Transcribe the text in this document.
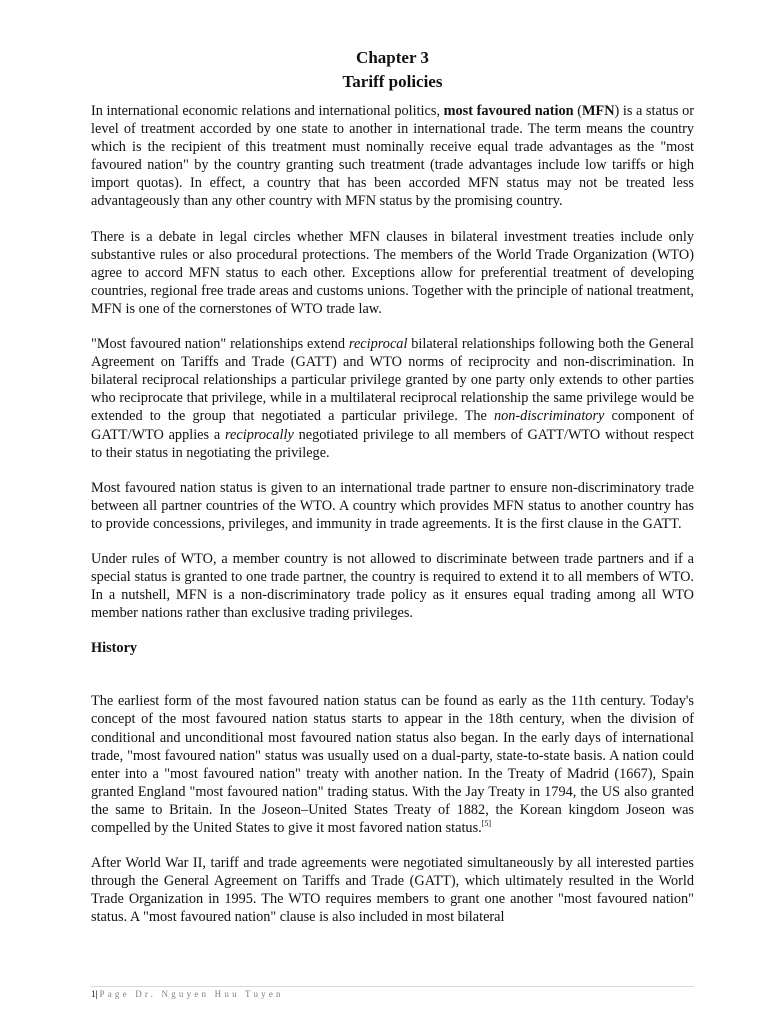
Chapter 3
Tariff policies

In international economic relations and international politics, most favoured nation (MFN) is a status or level of treatment accorded by one state to another in international trade. The term means the country which is the recipient of this treatment must nominally receive equal trade advantages as the "most favoured nation" by the country granting such treatment (trade advantages include low tariffs or high import quotas). In effect, a country that has been accorded MFN status may not be treated less advantageously than any other country with MFN status by the promising country.

There is a debate in legal circles whether MFN clauses in bilateral investment treaties include only substantive rules or also procedural protections. The members of the World Trade Organization (WTO) agree to accord MFN status to each other. Exceptions allow for preferential treatment of developing countries, regional free trade areas and customs unions. Together with the principle of national treatment, MFN is one of the cornerstones of WTO trade law.

"Most favoured nation" relationships extend reciprocal bilateral relationships following both the General Agreement on Tariffs and Trade (GATT) and WTO norms of reciprocity and non-discrimination. In bilateral reciprocal relationships a particular privilege granted by one party only extends to other parties who reciprocate that privilege, while in a multilateral reciprocal relationship the same privilege would be extended to the group that negotiated a particular privilege. The non-discriminatory component of GATT/WTO applies a reciprocally negotiated privilege to all members of GATT/WTO without respect to their status in negotiating the privilege.

Most favoured nation status is given to an international trade partner to ensure non-discriminatory trade between all partner countries of the WTO. A country which provides MFN status to another country has to provide concessions, privileges, and immunity in trade agreements. It is the first clause in the GATT.

Under rules of WTO, a member country is not allowed to discriminate between trade partners and if a special status is granted to one trade partner, the country is required to extend it to all members of WTO. In a nutshell, MFN is a non-discriminatory trade policy as it ensures equal trading among all WTO member nations rather than exclusive trading privileges.

History

The earliest form of the most favoured nation status can be found as early as the 11th century. Today's concept of the most favoured nation status starts to appear in the 18th century, when the division of conditional and unconditional most favoured nation status also began. In the early days of international trade, "most favoured nation" status was usually used on a dual-party, state-to-state basis. A nation could enter into a "most favoured nation" treaty with another nation. In the Treaty of Madrid (1667), Spain granted England "most favoured nation" trading status. With the Jay Treaty in 1794, the US also granted the same to Britain. In the Joseon–United States Treaty of 1882, the Korean kingdom Joseon was compelled by the United States to give it most favored nation status.[5]

After World War II, tariff and trade agreements were negotiated simultaneously by all interested parties through the General Agreement on Tariffs and Trade (GATT), which ultimately resulted in the World Trade Organization in 1995. The WTO requires members to grant one another "most favoured nation" status. A "most favoured nation" clause is also included in most bilateral

1| Page Dr. Nguyen Huu Tuyen
